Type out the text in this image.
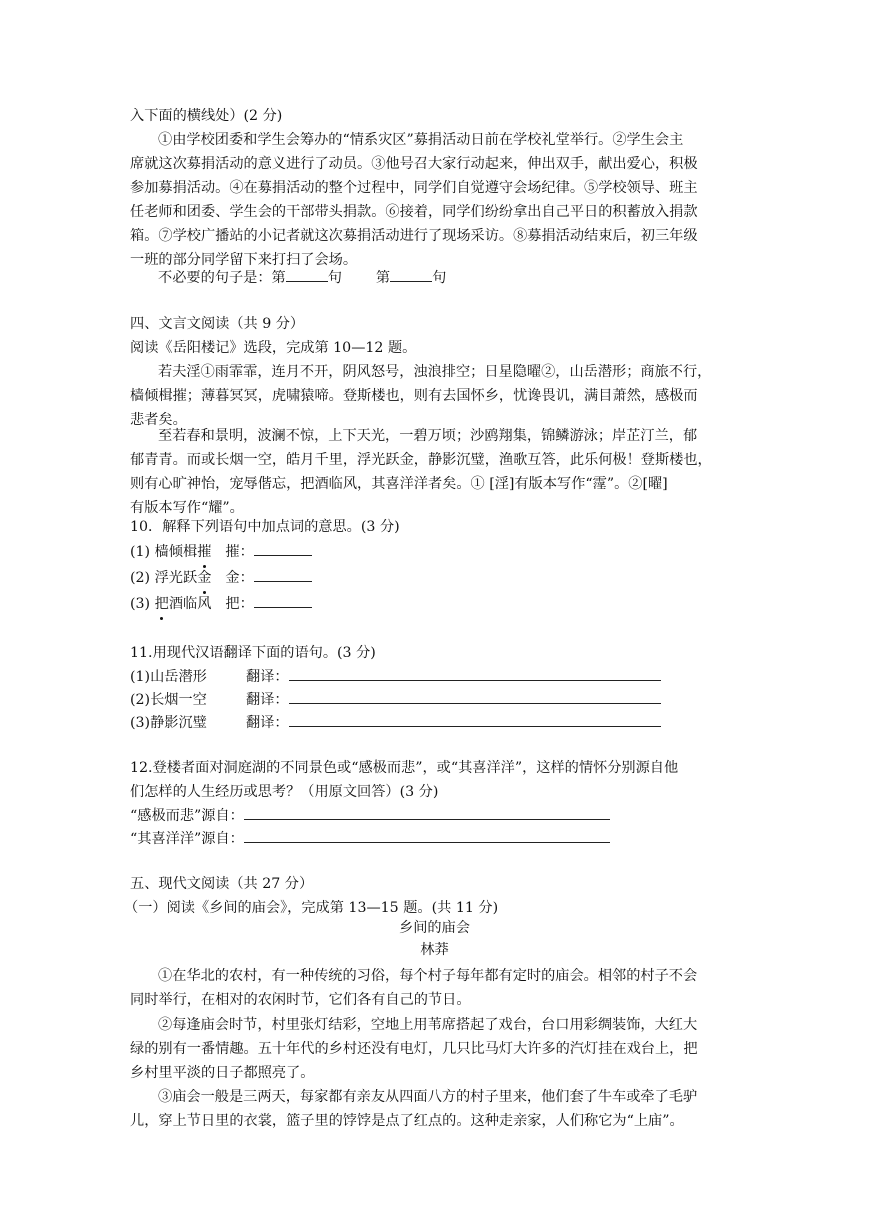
入下面的横线处）(2 分)
①由学校团委和学生会筹办的“情系灾区”募捐活动日前在学校礼堂举行。②学生会主
席就这次募捐活动的意义进行了动员。③他号召大家行动起来，伸出双手，献出爱心，积极
参加募捐活动。④在募捐活动的整个过程中，同学们自觉遵守会场纪律。⑤学校领导、班主
任老师和团委、学生会的干部带头捐款。⑥接着，同学们纷纷拿出自己平日的积蓄放入捐款
箱。⑦学校广播站的小记者就这次募捐活动进行了现场采访。⑧募捐活动结束后，初三年级
一班的部分同学留下来打扫了会场。
不必要的句子是：第	句 第	句
四、文言文阅读（共 9 分）
阅读《岳阳楼记》选段，完成第 10—12 题。
若夫淫①雨霏霏，连月不开，阴风怒号，浊浪排空；日星隐曜②，山岳潜形；商旅不行，
樯倾楫摧；薄暮冥冥，虎啸猿啼。登斯楼也，则有去国怀乡，忧谗畏讥，满目萧然，感极而
悲者矣。
至若春和景明，波澜不惊，上下天光，一碧万顷；沙鸥翔集，锦鳞游泳；岸芷汀兰，郁
郁青青。而或长烟一空，皓月千里，浮光跃金，静影沉璧，渔歌互答，此乐何极！登斯楼也，
则有心旷神怡，宠辱偕忘，把酒临风，其喜洋洋者矣。① [淫]有版本写作“霪”。②[曜]
有版本写作“耀”。
10．解释下列语句中加点词的意思。(3 分)
(1) 樯倾楫摧 摧：
(2) 浮光跃金 金：
(3) 把酒临风 把：
11.用现代汉语翻译下面的语句。(3 分)
(1)山岳潜形	翻译：
(2)长烟一空	翻译：
(3)静影沉璧	翻译：
12.登楼者面对洞庭湖的不同景色或“感极而悲”，或“其喜洋洋”，这样的情怀分别源自他
们怎样的人生经历或思考？（用原文回答）(3 分)
“感极而悲”源自：
“其喜洋洋”源自：
五、现代文阅读（共 27 分）
（一）阅读《乡间的庙会》，完成第 13—15 题。(共 11 分)
乡间的庙会
林莽
①在华北的农村，有一种传统的习俗，每个村子每年都有定时的庙会。相邻的村子不会
同时举行，在相对的农闲时节，它们各有自己的节日。
②每逢庙会时节，村里张灯结彩，空地上用苇席搭起了戏台，台口用彩绸装饰，大红大
绿的别有一番情趣。五十年代的乡村还没有电灯，几只比马灯大许多的汽灯挂在戏台上，把
乡村里平淡的日子都照亮了。
③庙会一般是三两天，每家都有亲友从四面八方的村子里来，他们套了牛车或牵了毛驴
儿，穿上节日里的衣裳，篮子里的饽饽是点了红点的。这种走亲家，人们称它为“上庙”。
